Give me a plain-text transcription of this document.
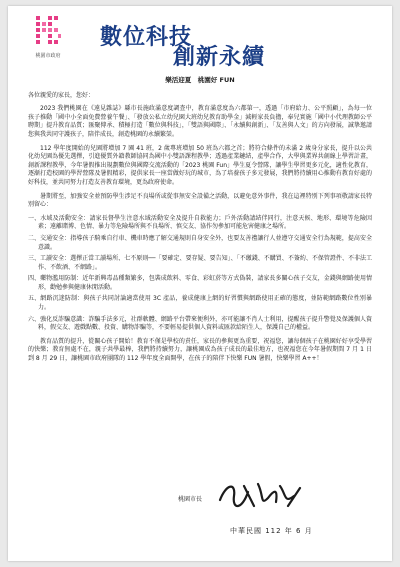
桃園市政府
數位科技
創新永續

樂活迎夏　桃園好 FUN

各位親愛的家長，您好：

2023 我們桃園在《遠見雜誌》縣市長施政滿意度調查中，教育滿意度為六都第一，透過「市府給力、公平照顧」，為每一位孩子推動「國中小全面免費營養午餐」、「發放公私立幼兒園大班幼兒教育助學金」減輕家長負擔，奉兒實施「國中小代理教師公平聘期」提升教育品質；匯聚傳承、積極打造「數位與科技」，「雙語與國際」、「永續與創新」、「友善與人文」的方向發展，誠摯邀請您與我共同守護孩子，陪伴成長，創造桃園的永續繁榮。

112 學年度開始的兒園將增加 7 園 41 班，2 歲專班增加 50 班為六都之首；將符合條件的未滿 2 歲身分家長，提升以公共化幼兒園為優先選擇，引進優質外籍教師協同為國中小雙語課程教學；透過產業鏈結，產學合作，大學與業界共創線上學習計畫，創新課程教學，今年暑假推出規劃數位與國際交流活動的「2023 桃園 Fun」學生夏令營隊，讓學生學習更多元化，適性化教育，逐漸打造校園的學習營隊及暑假精彩，提供家長一座當做好玩的城市，為了培養孩子多元發展，我們將持續用心推動有教育好處的好科技，並共同努力打造友善教育環境，更為政府使命。

暑期將至，加強安全並預防學生涉足不良場所或從事無安全設備之活動，以避免意外事件，我在這裡特別下列事項敬請家長特別留心：

一、水域及活動安全：請家長督學生注意水域活動安全及提升自救能力；戶外活動請結伴同行，注意天候、地形、環境等危險因素；遠離賭博、色情、暴力等危險場所與不良場所、慎交友、協作勿參加可能危害健康之場所。
二、交通安全：指導孩子騎乘自行車、機車時應了解交通規則自身安全外，也要友善禮讓行人並遵守交通安全行為規範，提高安全意識。
三、工讀安全：選擇正當工讀場所、七不原則──「要確定、要存疑、要告知」、「不繳錢、不購買、不簽約、不保管證件、不非法工作、不飲酒、不網路」。
四、藥物濫用防制：近年新興毒品種類繁多，包裝成飲料、零食、彩虹菸等方式偽裝，請家長多關心孩子交友，金錢與網路使用情形，勸勉參與健康休閒活動。
五、網路沉迷防制：與孩子共同討論適當使用 3C 產品，養成健康上網的好習慣與網路使用正確的態度，並防範網路數位性別暴力。
六、強化反詐騙意識：詐騙手法多元，社群軟體、網路平台帶來便利外，亦可能讓不肖人士利用，提醒孩子提升警覺及保護個人資料，假交友、遊戲點數、投資、購物詐騙等，不要輕易提供個人資料或匯款給陌生人，保護自己的權益。

教育品質的提升，從關心孩子開始！教育不僅是學校的責任，家長的參與更為重要，祝福您，讓每個孩子在桃園好好享受學習的快樂；教育無處不在，親子共學最棒，我們將持續努力，讓桃園成為孩子成長的最佳地方，也祝福您在今年暑假期間 7 月 1 日到 8 月 29 日，讓桃園市政府團隊的 112 學年度全面開學，在孩子的陪伴下快樂 FUN 暑假，快樂學習 A++！

桃園市長
中華民國 112 年 6 月
